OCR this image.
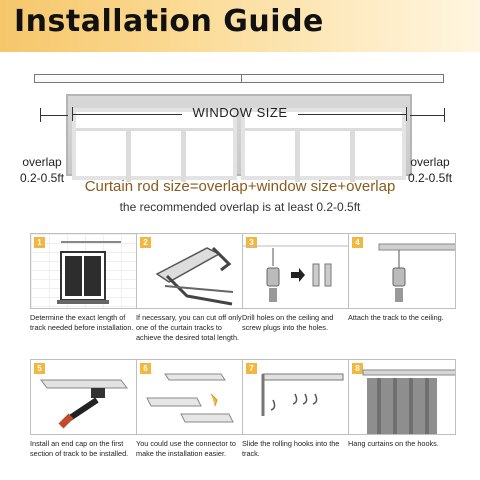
Installation Guide
WINDOW SIZE
overlap
0.2-0.5ft
overlap
0.2-0.5ft
Curtain rod size=overlap+window size+overlap
the recommended overlap is at least 0.2-0.5ft
1
Determine the exact length of track needed before installation.
2
If necessary, you can cut off only one of the curtain tracks to achieve the desired total length.
3
Drill holes on the ceiling and screw plugs into the holes.
4
Attach the track to the ceiling.
5
Install an end cap on the first section of track to be installed.
6
You could use the connector to make the installation easier.
7
Slide the rolling hooks into the track.
8
Hang curtains on the hooks.
